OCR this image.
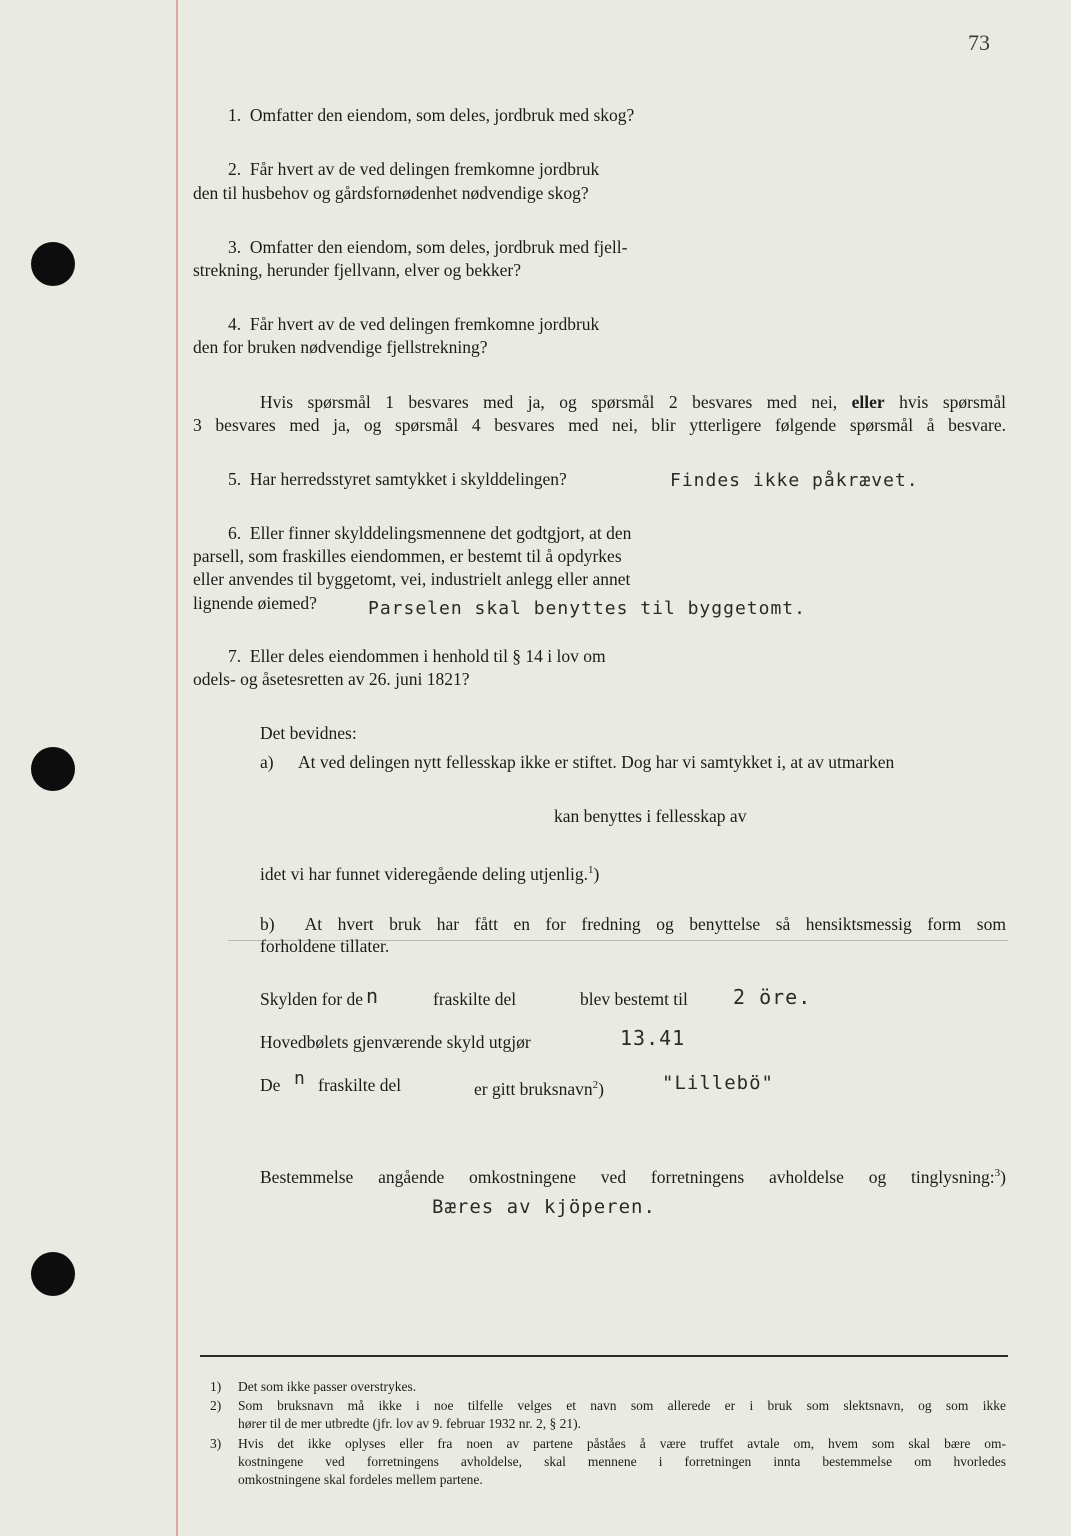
73
1. Omfatter den eiendom, som deles, jordbruk med skog?
2. Får hvert av de ved delingen fremkomne jordbruk
den til husbehov og gårdsfornødenhet nødvendige skog?
3. Omfatter den eiendom, som deles, jordbruk med fjell-
strekning, herunder fjellvann, elver og bekker?
4. Får hvert av de ved delingen fremkomne jordbruk
den for bruken nødvendige fjellstrekning?
Hvis spørsmål 1 besvares med ja, og spørsmål 2 besvares med nei, eller hvis spørsmål
3 besvares med ja, og spørsmål 4 besvares med nei, blir ytterligere følgende spørsmål å besvare.
5. Har herredsstyret samtykket i skylddelingen?	Findes ikke påkrævet.
6. Eller finner skylddelingsmennene det godtgjort, at den
parsell, som fraskilles eiendommen, er bestemt til å opdyrkes
eller anvendes til byggetomt, vei, industrielt anlegg eller annet
lignende øiemed?	Parselen skal benyttes til byggetomt.
7. Eller deles eiendommen i henhold til § 14 i lov om
odels- og åsetesretten av 26. juni 1821?
Det bevidnes:
a) At ved delingen nytt fellesskap ikke er stiftet. Dog har vi samtykket i, at av utmarken
kan benyttes i fellesskap av
idet vi har funnet videregående deling utjenlig.$^1$)
b) At hvert bruk har fått en for fredning og benyttelse så hensiktsmessig form som
forholdene tillater.
Skylden for de n	fraskilte del	blev bestemt til 2 öre.
Hovedbølets gjenværende skyld utgjør	13.41
De n fraskilte del	er gitt bruksnavn$^2$)	"Lillebö"
Bestemmelse angående omkostningene ved forretningens avholdelse og tinglysning:$^3$)
Bæres av kjöperen.
1) Det som ikke passer overstrykes.
2) Som bruksnavn må ikke i noe tilfelle velges et navn som allerede er i bruk som slektsnavn, og som ikke
hører til de mer utbredte (jfr. lov av 9. februar 1932 nr. 2, § 21).
3) Hvis det ikke oplyses eller fra noen av partene påståes å være truffet avtale om, hvem som skal bære om-
kostningene ved forretningens avholdelse, skal mennene i forretningen innta bestemmelse om hvorledes
omkostningene skal fordeles mellem partene.
